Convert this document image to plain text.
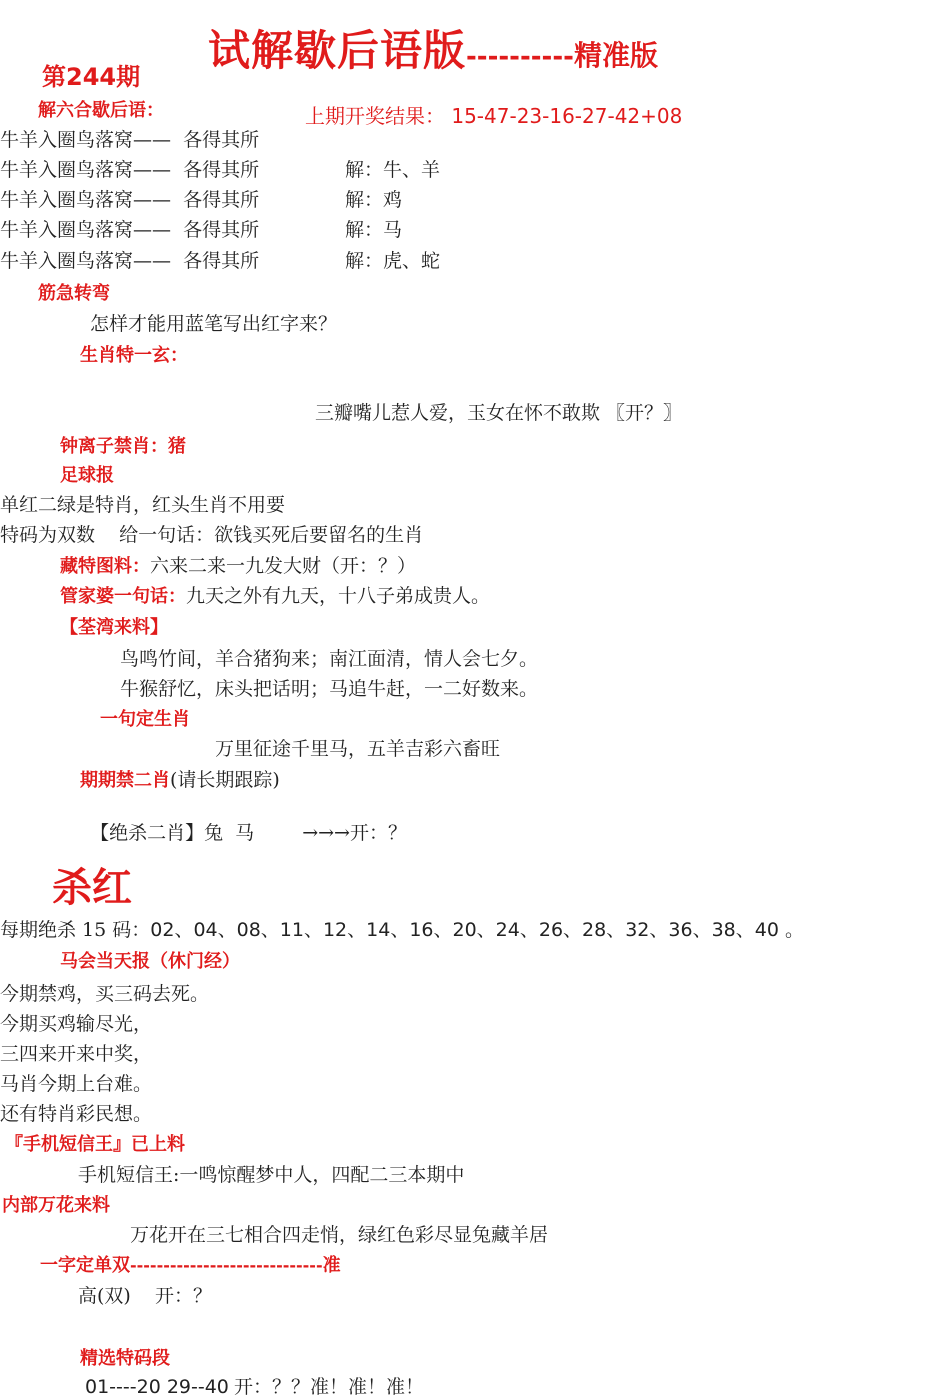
试解歇后语版----------精准版
第244期
解六合歇后语：	上期开奖结果： 15-47-23-16-27-42+08
牛羊入圈鸟落窝—— 各得其所
牛羊入圈鸟落窝—— 各得其所	解：牛、羊
牛羊入圈鸟落窝—— 各得其所	解：鸡
牛羊入圈鸟落窝—— 各得其所	解：马
牛羊入圈鸟落窝—— 各得其所	解：虎、蛇
筋急转弯
怎样才能用蓝笔写出红字来？
生肖特一玄：
三瓣嘴儿惹人爱，玉女在怀不敢欺 〖开？〗
钟离子禁肖：猪
足球报
单红二绿是特肖，红头生肖不用要
特码为双数    给一句话：欲钱买死后要留名的生肖
藏特图料：六来二来一九发大财（开：？）
管家婆一句话：九天之外有九天，十八子弟成贵人。
【荃湾来料】
鸟鸣竹间，羊合猪狗来；南江面清，情人会七夕。
牛猴舒忆，床头把话明；马追牛赶，一二好数来。
一句定生肖
万里征途千里马，五羊吉彩六畜旺
期期禁二肖(请长期跟踪)

【绝杀二肖】兔  马	→→→开：？

杀红
每期绝杀 15 码：02、04、08、11、12、14、16、20、24、26、28、32、36、38、40 。
马会当天报（休门经）
今期禁鸡，买三码去死。
今期买鸡输尽光，
三四来开来中奖，
马肖今期上台难。
还有特肖彩民想。
『手机短信王』已上料
手机短信王:一鸣惊醒梦中人，四配二三本期中
内部万花来料
万花开在三七相合四走悄，绿红色彩尽显兔藏羊居
一字定单双-----------------------------准
高(双)    开：？
精选特码段
01----20 29--40 开：？？准！准！准！
